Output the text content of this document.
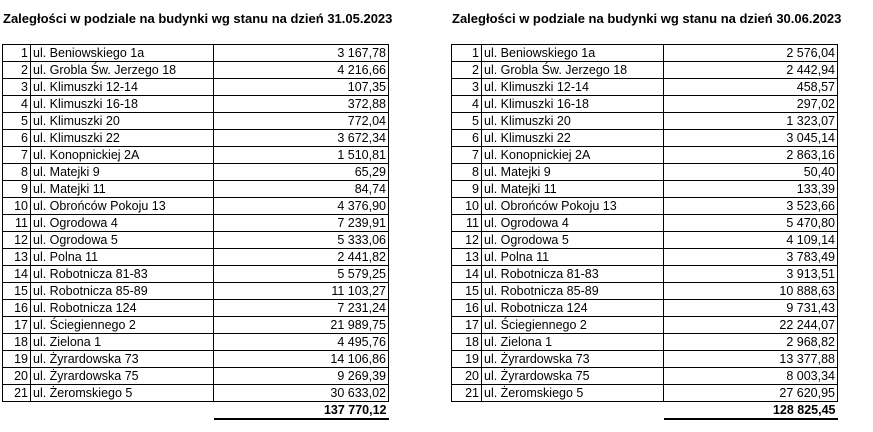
Zaległości w podziale na budynki wg stanu na dzień 31.05.2023	Zaległości w podziale na budynki wg stanu na dzień 30.06.2023
1	ul. Beniowskiego 1a	3 167,78
2	ul. Grobla Św. Jerzego 18	4 216,66
3	ul. Klimuszki 12-14	107,35
4	ul. Klimuszki 16-18	372,88
5	ul. Klimuszki 20	772,04
6	ul. Klimuszki 22	3 672,34
7	ul. Konopnickiej 2A	1 510,81
8	ul. Matejki 9	65,29
9	ul. Matejki 11	84,74
10	ul. Obrońców Pokoju 13	4 376,90
11	ul. Ogrodowa 4	7 239,91
12	ul. Ogrodowa 5	5 333,06
13	ul. Polna 11	2 441,82
14	ul. Robotnicza 81-83	5 579,25
15	ul. Robotnicza 85-89	11 103,27
16	ul. Robotnicza 124	7 231,24
17	ul. Ściegiennego 2	21 989,75
18	ul. Zielona 1	4 495,76
19	ul. Żyrardowska 73	14 106,86
20	ul. Żyrardowska 75	9 269,39
21	ul. Żeromskiego 5	30 633,02
		137 770,12
1	ul. Beniowskiego 1a	2 576,04
2	ul. Grobla Św. Jerzego 18	2 442,94
3	ul. Klimuszki 12-14	458,57
4	ul. Klimuszki 16-18	297,02
5	ul. Klimuszki 20	1 323,07
6	ul. Klimuszki 22	3 045,14
7	ul. Konopnickiej 2A	2 863,16
8	ul. Matejki 9	50,40
9	ul. Matejki 11	133,39
10	ul. Obrońców Pokoju 13	3 523,66
11	ul. Ogrodowa 4	5 470,80
12	ul. Ogrodowa 5	4 109,14
13	ul. Polna 11	3 783,49
14	ul. Robotnicza 81-83	3 913,51
15	ul. Robotnicza 85-89	10 888,63
16	ul. Robotnicza 124	9 731,43
17	ul. Ściegiennego 2	22 244,07
18	ul. Zielona 1	2 968,82
19	ul. Żyrardowska 73	13 377,88
20	ul. Żyrardowska 75	8 003,34
21	ul. Żeromskiego 5	27 620,95
		128 825,45
